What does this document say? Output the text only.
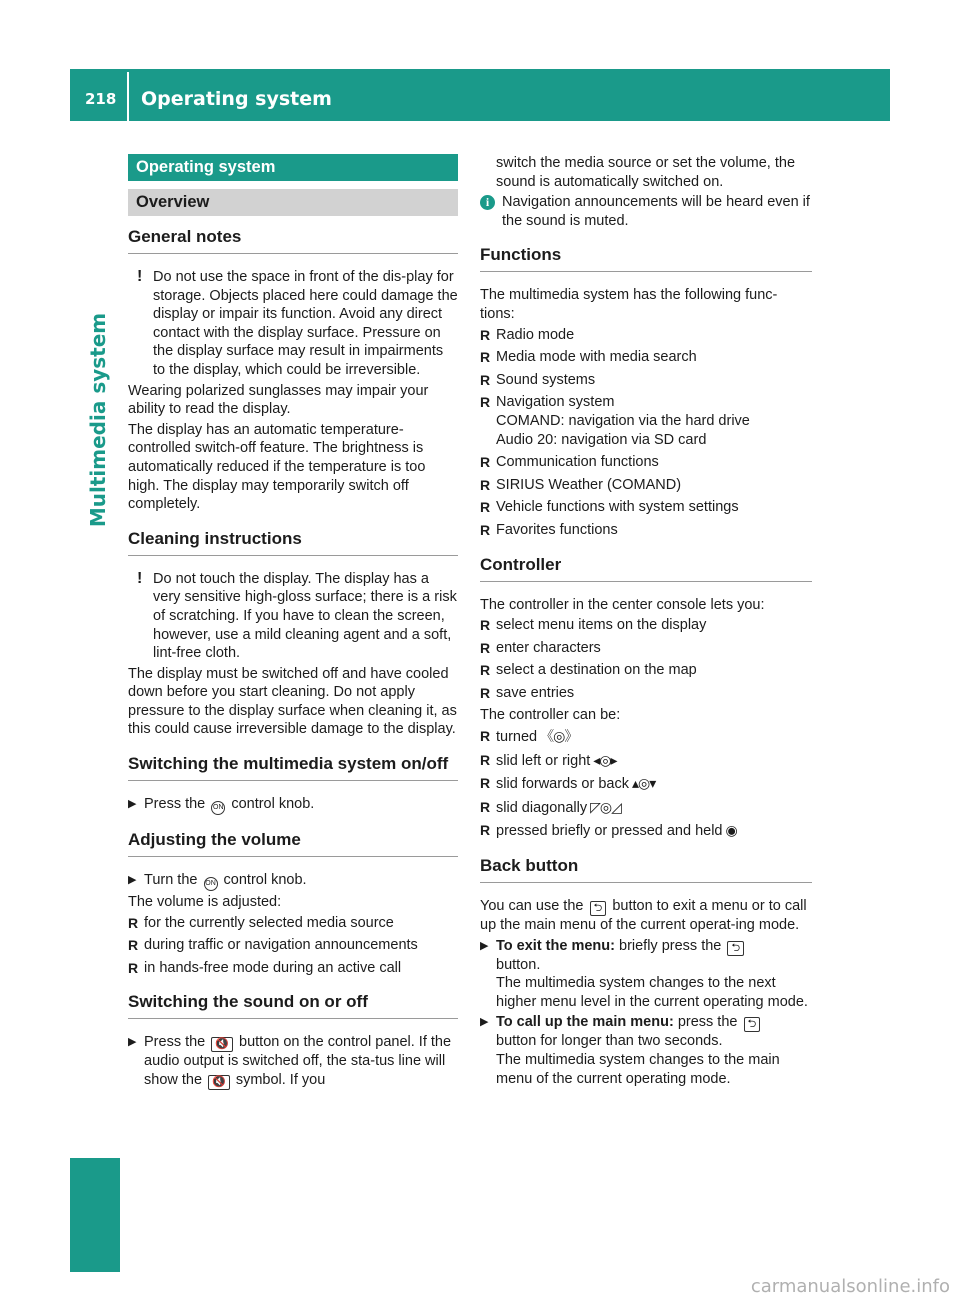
218 Operating system
Multimedia system
Operating system
Overview
General notes
! Do not use the space in front of the dis-play for storage. Objects placed here could damage the display or impair its function. Avoid any direct contact with the display surface. Pressure on the display surface may result in impairments to the display, which could be irreversible.
Wearing polarized sunglasses may impair your ability to read the display.
The display has an automatic temperature-controlled switch-off feature. The brightness is automatically reduced if the temperature is too high. The display may temporarily switch off completely.
Cleaning instructions
! Do not touch the display. The display has a very sensitive high-gloss surface; there is a risk of scratching. If you have to clean the screen, however, use a mild cleaning agent and a soft, lint-free cloth.
The display must be switched off and have cooled down before you start cleaning. Do not apply pressure to the display surface when cleaning it, as this could cause irreversible damage to the display.
Switching the multimedia system on/off
▶ Press the ON control knob.
Adjusting the volume
▶ Turn the ON control knob.
The volume is adjusted:
R for the currently selected media source
R during traffic or navigation announcements
R in hands-free mode during an active call
Switching the sound on or off
▶ Press the 🔇 button on the control panel. If the audio output is switched off, the sta-tus line will show the 🔇 symbol. If you
switch the media source or set the volume, the sound is automatically switched on.
i Navigation announcements will be heard even if the sound is muted.
Functions
The multimedia system has the following func-tions:
R Radio mode
R Media mode with media search
R Sound systems
R Navigation system
COMAND: navigation via the hard drive
Audio 20: navigation via SD card
R Communication functions
R SIRIUS Weather (COMAND)
R Vehicle functions with system settings
R Favorites functions
Controller
The controller in the center console lets you:
R select menu items on the display
R enter characters
R select a destination on the map
R save entries
The controller can be:
R turned 《◎》
R slid left or right ◂◎▸
R slid forwards or back ▴◎▾
R slid diagonally ◸◎◿
R pressed briefly or pressed and held ◉
Back button
You can use the ⮌ button to exit a menu or to call up the main menu of the current operat-ing mode.
▶ To exit the menu: briefly press the ⮌
button.
The multimedia system changes to the next higher menu level in the current operating mode.
▶ To call up the main menu: press the ⮌
button for longer than two seconds.
The multimedia system changes to the main menu of the current operating mode.
carmanualsonline.info
